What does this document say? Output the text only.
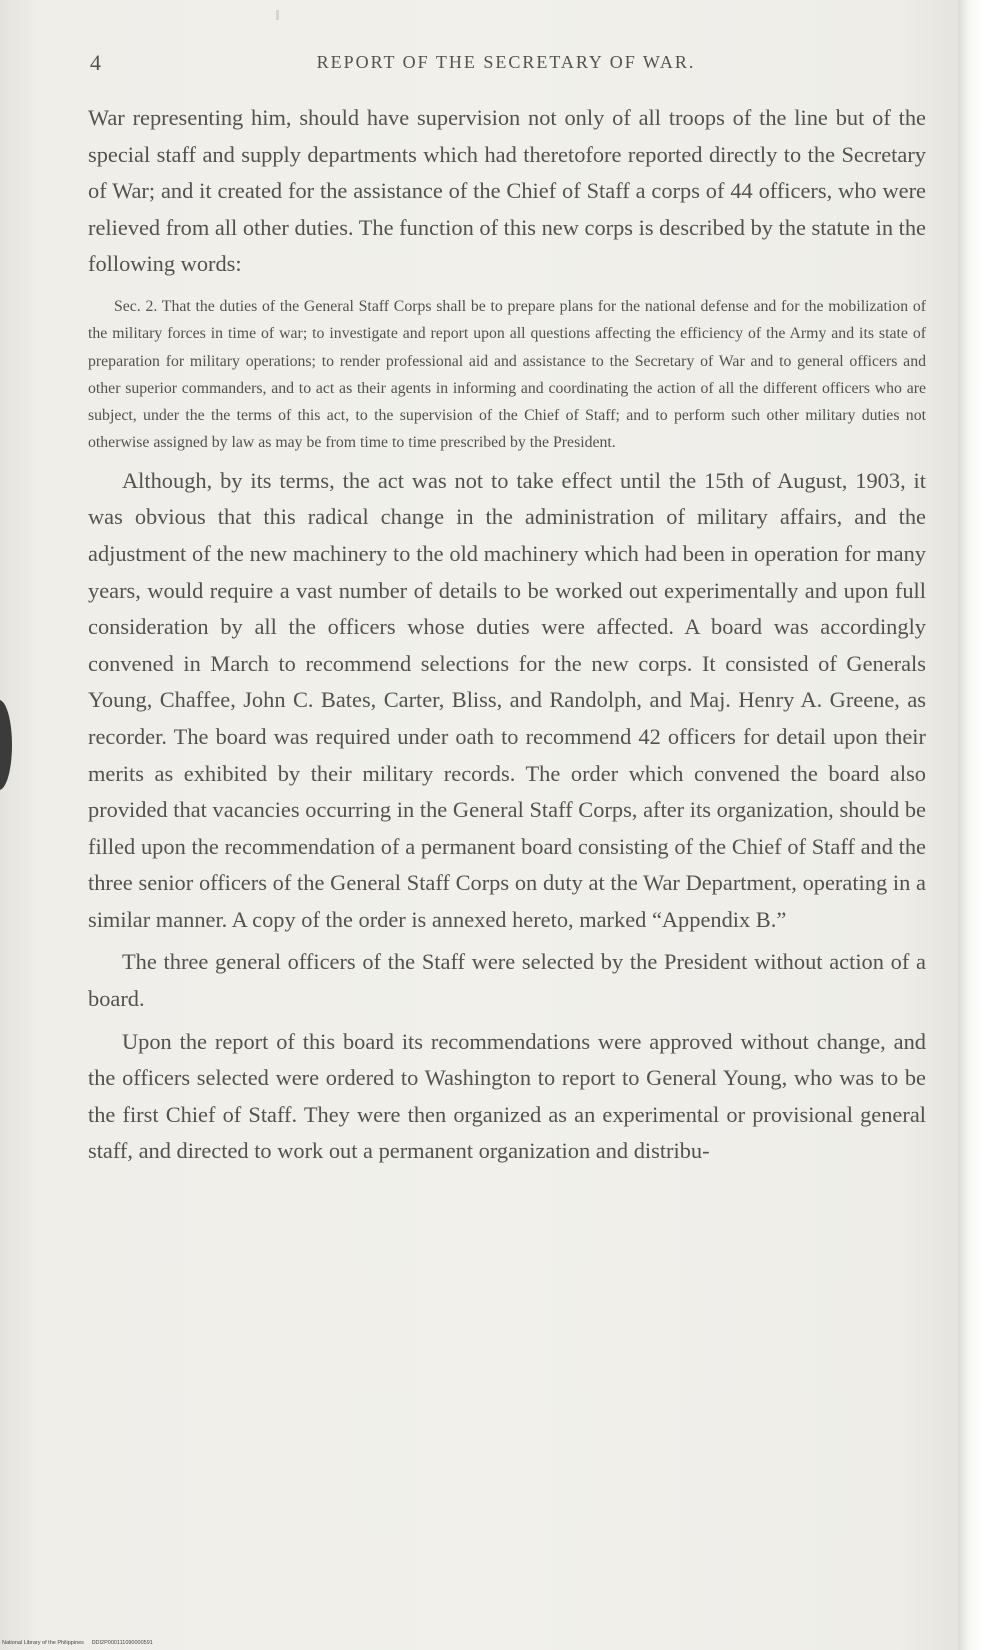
4	REPORT OF THE SECRETARY OF WAR.

War representing him, should have supervision not only of all troops of the line but of the special staff and supply departments which had theretofore reported directly to the Secretary of War; and it created for the assistance of the Chief of Staff a corps of 44 officers, who were relieved from all other duties. The function of this new corps is described by the statute in the following words:

Sec. 2. That the duties of the General Staff Corps shall be to prepare plans for the national defense and for the mobilization of the military forces in time of war; to investigate and report upon all questions affecting the efficiency of the Army and its state of preparation for military operations; to render professional aid and assistance to the Secretary of War and to general officers and other superior commanders, and to act as their agents in informing and coordinating the action of all the different officers who are subject, under the the terms of this act, to the supervision of the Chief of Staff; and to perform such other military duties not otherwise assigned by law as may be from time to time prescribed by the President.

Although, by its terms, the act was not to take effect until the 15th of August, 1903, it was obvious that this radical change in the administration of military affairs, and the adjustment of the new machinery to the old machinery which had been in operation for many years, would require a vast number of details to be worked out experimentally and upon full consideration by all the officers whose duties were affected. A board was accordingly convened in March to recommend selections for the new corps. It consisted of Generals Young, Chaffee, John C. Bates, Carter, Bliss, and Randolph, and Maj. Henry A. Greene, as recorder. The board was required under oath to recommend 42 officers for detail upon their merits as exhibited by their military records. The order which convened the board also provided that vacancies occurring in the General Staff Corps, after its organization, should be filled upon the recommendation of a permanent board consisting of the Chief of Staff and the three senior officers of the General Staff Corps on duty at the War Department, operating in a similar manner. A copy of the order is annexed hereto, marked “Appendix B.”

The three general officers of the Staff were selected by the President without action of a board.

Upon the report of this board its recommendations were approved without change, and the officers selected were ordered to Washington to report to General Young, who was to be the first Chief of Staff. They were then organized as an experimental or provisional general staff, and directed to work out a permanent organization and distribu-

National Library of the Philippines DDI2P000111090000591
